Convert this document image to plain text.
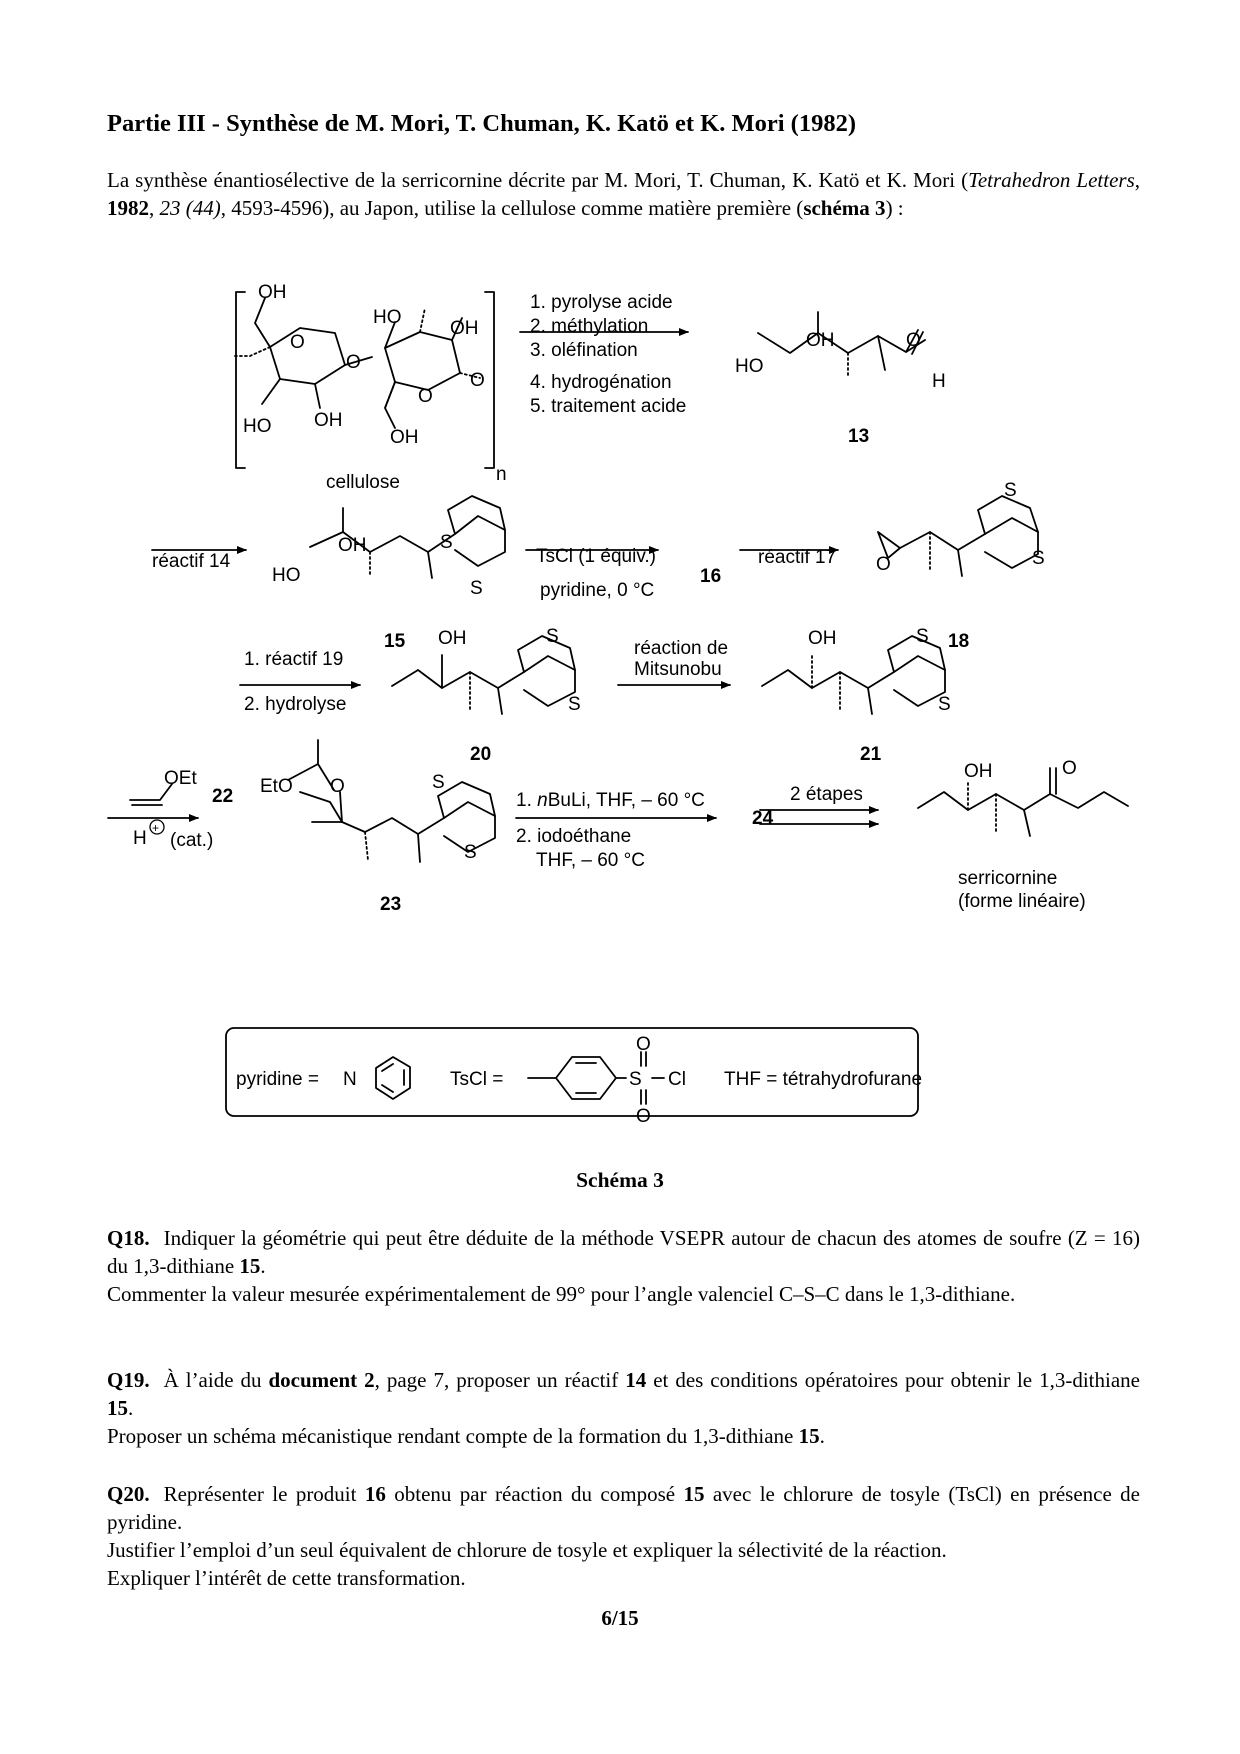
Partie III - Synthèse de M. Mori, T. Chuman, K. Katö et K. Mori (1982)

La synthèse énantiosélective de la serricornine décrite par M. Mori, T. Chuman, K. Katö et K. Mori (Tetrahedron Letters, 1982, 23 (44), 4593-4596), au Japon, utilise la cellulose comme matière première (schéma 3) :

OH
HO
OH
O
O
O
O
HO OH
OH
n
cellulose
1. pyrolyse acide
2. méthylation
3. oléfination
4. hydrogénation
5. traitement acide
HO
OH	O
H
13
réactif 14
HO
OH	S
S
15
TsCl (1 équiv.)
pyridine, 0 °C
16
réactif 17 O
S
S
18
1. réactif 19
2. hydrolyse
OH	S
S
20
réaction de
Mitsunobu
OH	S
S
21
OEt
22
H +
(cat.)
EtO O	S
S
23
1. nBuLi, THF, – 60 °C
2. iodoéthane
THF, – 60 °C
24
2 étapes
OH	O
serricornine
(forme linéaire)
pyridine = N	TsCl =	S
O
O
Cl THF = tétrahydrofurane

Schéma 3

Q18. Indiquer la géométrie qui peut être déduite de la méthode VSEPR autour de chacun des atomes de soufre (Z = 16) du 1,3-dithiane 15.
Commenter la valeur mesurée expérimentalement de 99° pour l’angle valenciel C–S–C dans le 1,3-dithiane.

Q19. À l’aide du document 2, page 7, proposer un réactif 14 et des conditions opératoires pour obtenir le 1,3-dithiane 15.
Proposer un schéma mécanistique rendant compte de la formation du 1,3-dithiane 15.

Q20. Représenter le produit 16 obtenu par réaction du composé 15 avec le chlorure de tosyle (TsCl) en présence de pyridine.
Justifier l’emploi d’un seul équivalent de chlorure de tosyle et expliquer la sélectivité de la réaction.
Expliquer l’intérêt de cette transformation.

6/15
